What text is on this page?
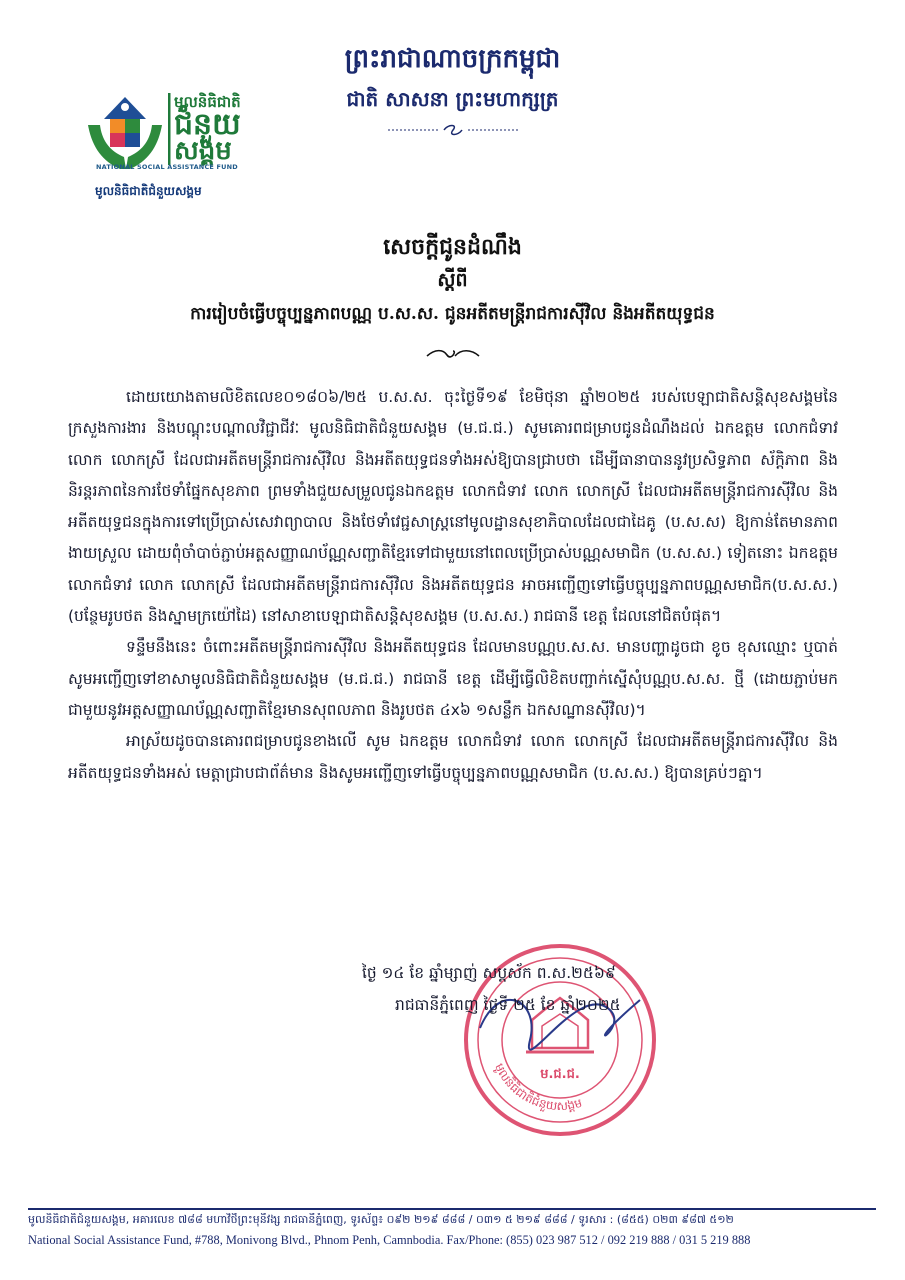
មូលនិធិជាតិ
ជំនួយ
សង្គម
NATIONAL SOCIAL ASSISTANCE FUND
មូលនិធិជាតិជំនួយសង្គម
ព្រះរាជាណាចក្រកម្ពុជា
ជាតិ សាសនា ព្រះមហាក្សត្រ
សេចក្តីជូនដំណឹង
ស្តីពី
ការរៀបចំធ្វើបច្ចុប្បន្នភាពបណ្ណ ប.ស.ស. ជូនអតីតមន្ត្រីរាជការស៊ីវិល និងអតីតយុទ្ធជន

ដោយយោងតាមលិខិតលេខ០១៨០៦/២៥ ប.ស.ស. ចុះថ្ងៃទី១៩ ខែមិថុនា ឆ្នាំ២០២៥ របស់បេឡាជាតិសន្តិសុខសង្គមនៃក្រសួងការងារ និងបណ្តុះបណ្តាលវិជ្ជាជីវៈ មូលនិធិជាតិជំនួយសង្គម (ម.ជ.ជ.) សូមគោរពជម្រាបជូនដំណឹងដល់ ឯកឧត្តម លោកជំទាវ លោក លោកស្រី ដែលជាអតីតមន្ត្រីរាជការស៊ីវិល និងអតីតយុទ្ធជនទាំងអស់ឱ្យបានជ្រាបថា ដើម្បីធានាបាននូវប្រសិទ្ធភាព ស័ក្តិភាព និងនិរន្តរភាពនៃការថែទាំផ្នែកសុខភាព ព្រមទាំងជួយសម្រួលជូនឯកឧត្តម លោកជំទាវ លោក លោកស្រី ដែលជាអតីតមន្ត្រីរាជការស៊ីវិល និងអតីតយុទ្ធជនក្នុងការទៅប្រើប្រាស់សេវាព្យាបាល និងថែទាំវេជ្ជសាស្ត្រនៅមូលដ្ឋានសុខាភិបាលដែលជាដៃគូ (ប.ស.ស) ឱ្យកាន់តែមានភាពងាយស្រួល ដោយពុំចាំបាច់ភ្ជាប់អត្តសញ្ញាណប័ណ្ណសញ្ជាតិខ្មែរទៅជាមួយនៅពេលប្រើប្រាស់បណ្ណសមាជិក (ប.ស.ស.) ទៀតនោះ ឯកឧត្តម លោកជំទាវ លោក លោកស្រី ដែលជាអតីតមន្ត្រីរាជការស៊ីវិល និងអតីតយុទ្ធជន អាចអញ្ជើញទៅធ្វើបច្ចុប្បន្នភាពបណ្ណសមាជិក(ប.ស.ស.) (បន្ថែមរូបថត និងស្នាមក្រយ៉ៅដៃ) នៅសាខាបេឡាជាតិសន្តិសុខសង្គម (ប.ស.ស.) រាជធានី ខេត្ត ដែលនៅជិតបំផុត។

ទន្ទឹមនឹងនេះ ចំពោះអតីតមន្ត្រីរាជការស៊ីវិល និងអតីតយុទ្ធជន ដែលមានបណ្ណប.ស.ស. មានបញ្ហាដូចជា ខូច ខុសឈ្មោះ ឬបាត់ សូមអញ្ជើញទៅខាសាមូលនិធិជាតិជំនួយសង្គម (ម.ជ.ជ.) រាជធានី ខេត្ត ដើម្បីធ្វើលិខិតបញ្ជាក់ស្នើសុំបណ្ណប.ស.ស. ថ្មី (ដោយភ្ជាប់មកជាមួយនូវអត្តសញ្ញាណប័ណ្ណសញ្ជាតិខ្មែរមានសុពលភាព និងរូបថត ៤x៦ ១សន្លឹក ឯកសណ្ឋានស៊ីវិល)។

អាស្រ័យដូចបានគោរពជម្រាបជូនខាងលើ សូម ឯកឧត្តម លោកជំទាវ លោក លោកស្រី ដែលជាអតីតមន្ត្រីរាជការស៊ីវិល និងអតីតយុទ្ធជនទាំងអស់ មេត្តាជ្រាបជាព័ត៌មាន និងសូមអញ្ជើញទៅធ្វើបច្ចុប្បន្នភាពបណ្ណសមាជិក (ប.ស.ស.) ឱ្យបានគ្រប់ៗគ្នា។

ម.ជ.ជ.
មូលនិធិជាតិជំនួយសង្គម
ថ្ងៃ ១៤ ខែ ឆ្នាំម្សាញ់ សប្តស័ក ព.ស.២៥៦៩
រាជធានីភ្នំពេញ ថ្ងៃទី ២៥ ខែ ឆ្នាំ២០២៥
មូលនិធិជាតិជំនួយសង្គម, អគារលេខ ៧៨៨ មហាវិថីព្រះមុនីវង្ស រាជធានីភ្នំពេញ, ទូរស័ព្ទ៖ ០៩២ ២១៩ ៨៨៨ / ០៣១ ៥ ២១៩ ៨៨៨ / ទូរសារ : (៨៥៥) ០២៣ ៩៨៧ ៥១២
National Social Assistance Fund, #788, Monivong Blvd., Phnom Penh, Camnbodia. Fax/Phone: (855) 023 987 512 / 092 219 888 / 031 5 219 888
